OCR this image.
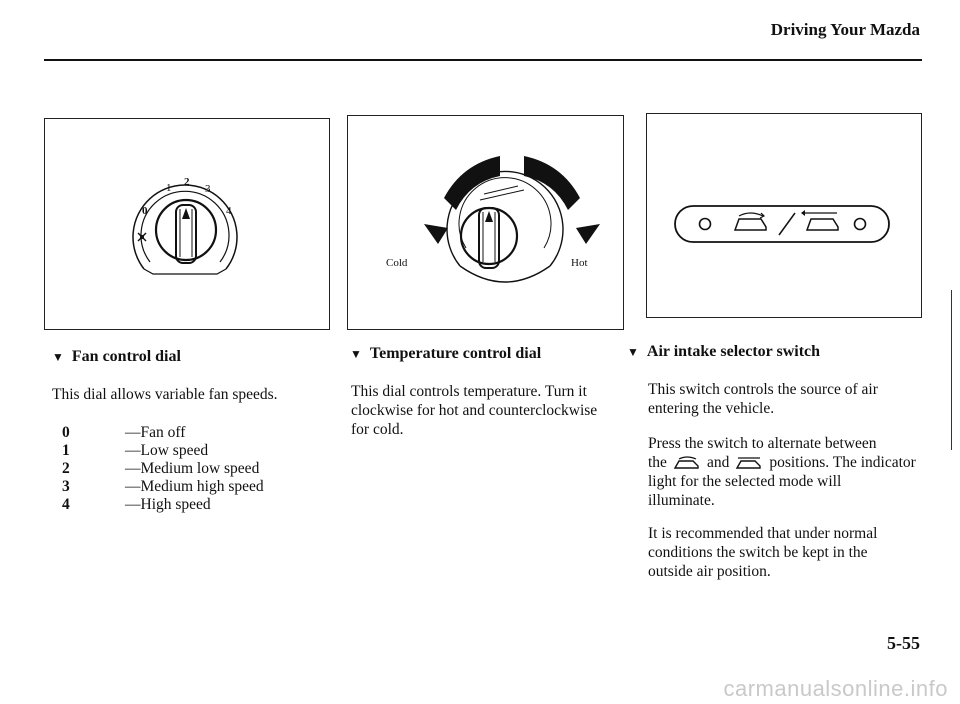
Driving Your Mazda
0
1 2
3
4
Cold	Hot
▼ Fan control dial
This dial allows variable fan speeds.
0	—Fan off
1	—Low speed
2	—Medium low speed
3	—Medium high speed
4	—High speed
▼ Temperature control dial
This dial controls temperature. Turn it
clockwise for hot and counterclockwise
for cold.
▼ Air intake selector switch
This switch controls the source of air
entering the vehicle.
Press the switch to alternate between
the	and	positions. The indicator
light for the selected mode will
illuminate.
It is recommended that under normal
conditions the switch be kept in the
outside air position.
5-55
carmanualsonline.info
